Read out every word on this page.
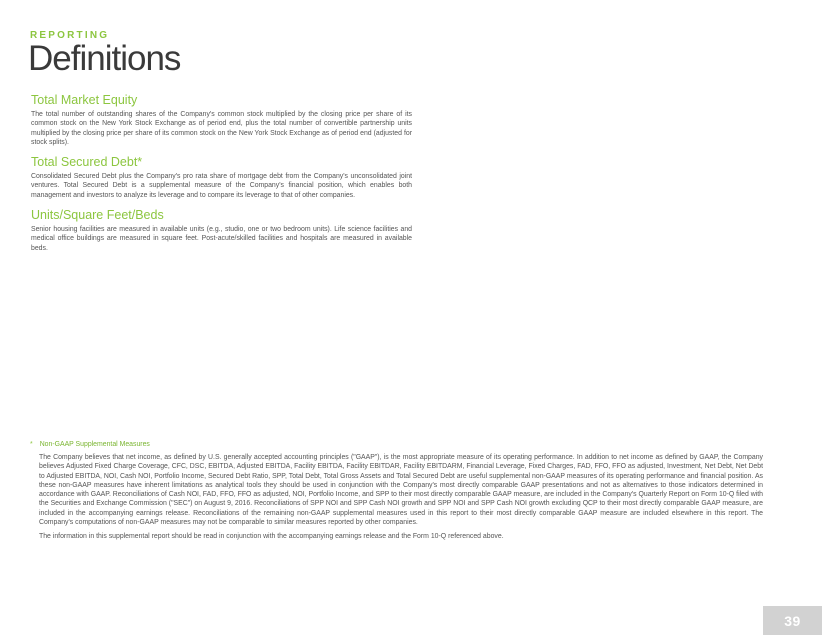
REPORTING

Definitions
Total Market Equity

The total number of outstanding shares of the Company's common stock multiplied by the closing price per share of its common stock on the New York Stock Exchange as of period end, plus the total number of convertible partnership units multiplied by the closing price per share of its common stock on the New York Stock Exchange as of period end (adjusted for stock splits).

Total Secured Debt*

Consolidated Secured Debt plus the Company's pro rata share of mortgage debt from the Company's unconsolidated joint ventures. Total Secured Debt is a supplemental measure of the Company's financial position, which enables both management and investors to analyze its leverage and to compare its leverage to that of other companies.

Units/Square Feet/Beds

Senior housing facilities are measured in available units (e.g., studio, one or two bedroom units). Life science facilities and medical office buildings are measured in square feet. Post-acute/skilled facilities and hospitals are measured in available beds.

* Non-GAAP Supplemental Measures

The Company believes that net income, as defined by U.S. generally accepted accounting principles ("GAAP"), is the most appropriate measure of its operating performance. In addition to net income as defined by GAAP, the Company believes Adjusted Fixed Charge Coverage, CFC, DSC, EBITDA, Adjusted EBITDA, Facility EBITDA, Facility EBITDAR, Facility EBITDARM, Financial Leverage, Fixed Charges, FAD, FFO, FFO as adjusted, Investment, Net Debt, Net Debt to Adjusted EBITDA, NOI, Cash NOI, Portfolio Income, Secured Debt Ratio, SPP, Total Debt, Total Gross Assets and Total Secured Debt are useful supplemental non-GAAP measures of its operating performance and financial position. As these non-GAAP measures have inherent limitations as analytical tools they should be used in conjunction with the Company's most directly comparable GAAP presentations and not as alternatives to those indicators determined in accordance with GAAP. Reconciliations of Cash NOI, FAD, FFO, FFO as adjusted, NOI, Portfolio Income, and SPP to their most directly comparable GAAP measure, are included in the Company's Quarterly Report on Form 10-Q filed with the Securities and Exchange Commission ("SEC") on August 9, 2016. Reconciliations of SPP NOI and SPP Cash NOI growth and SPP NOI and SPP Cash NOI growth excluding QCP to their most directly comparable GAAP measure, are included in the accompanying earnings release. Reconciliations of the remaining non-GAAP supplemental measures used in this report to their most directly comparable GAAP measure are included elsewhere in this report. The Company's computations of non-GAAP measures may not be comparable to similar measures reported by other companies.

The information in this supplemental report should be read in conjunction with the accompanying earnings release and the Form 10-Q referenced above.

39
